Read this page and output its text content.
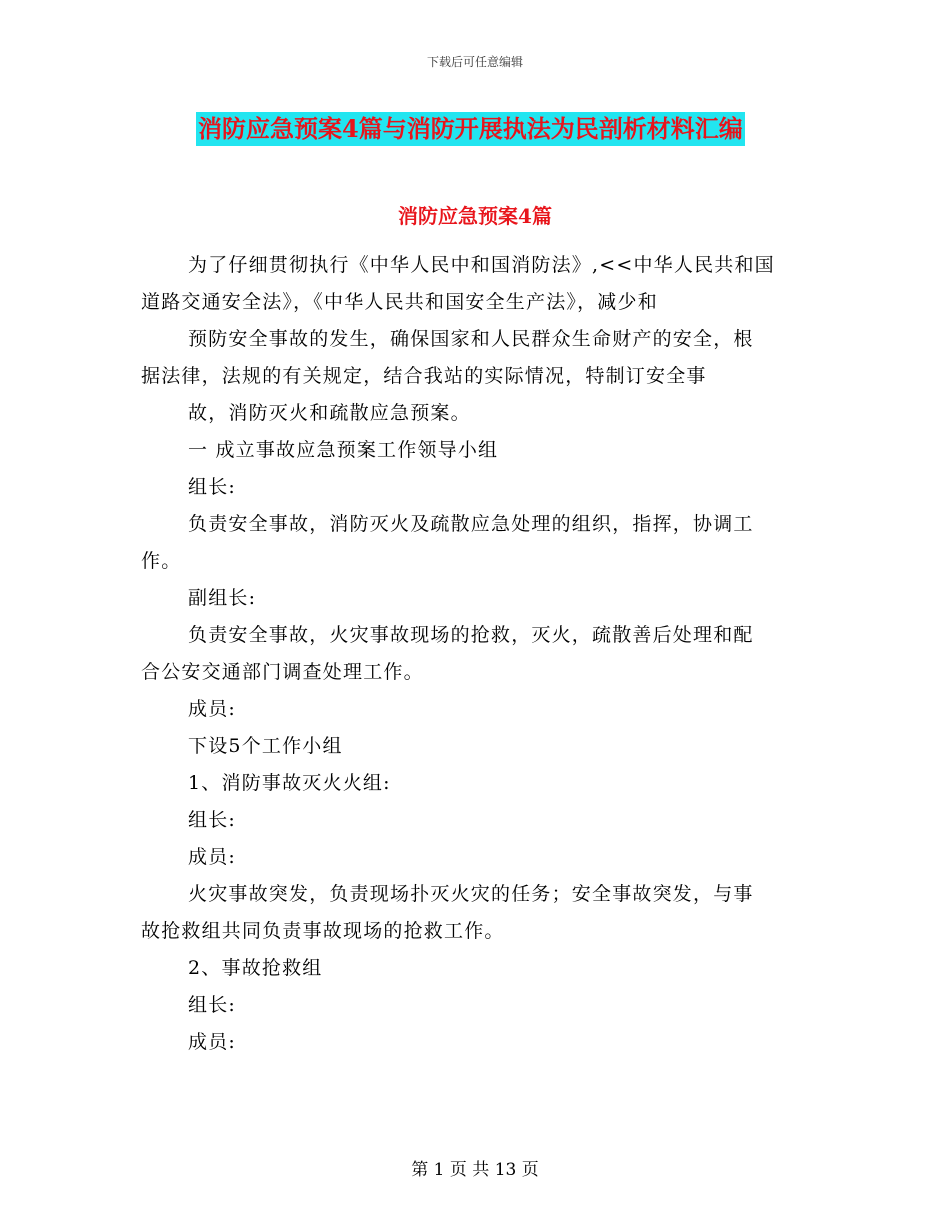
下载后可任意编辑
消防应急预案4篇与消防开展执法为民剖析材料汇编
消防应急预案4篇
为了仔细贯彻执行《中华人民中和国消防法》,<<中华人民共和国
道路交通安全法》，《中华人民共和国安全生产法》，减少和
预防安全事故的发生，确保国家和人民群众生命财产的安全，根
据法律，法规的有关规定，结合我站的实际情况，特制订安全事
故，消防灭火和疏散应急预案。
一 成立事故应急预案工作领导小组
组长:
负责安全事故，消防灭火及疏散应急处理的组织，指挥，协调工
作。
副组长:
负责安全事故，火灾事故现场的抢救，灭火，疏散善后处理和配
合公安交通部门调查处理工作。
成员:
下设5个工作小组
1、消防事故灭火火组:
组长:
成员:
火灾事故突发，负责现场扑灭火灾的任务；安全事故突发，与事
故抢救组共同负责事故现场的抢救工作。
2、事故抢救组
组长:
成员:
第 1 页 共 13 页
